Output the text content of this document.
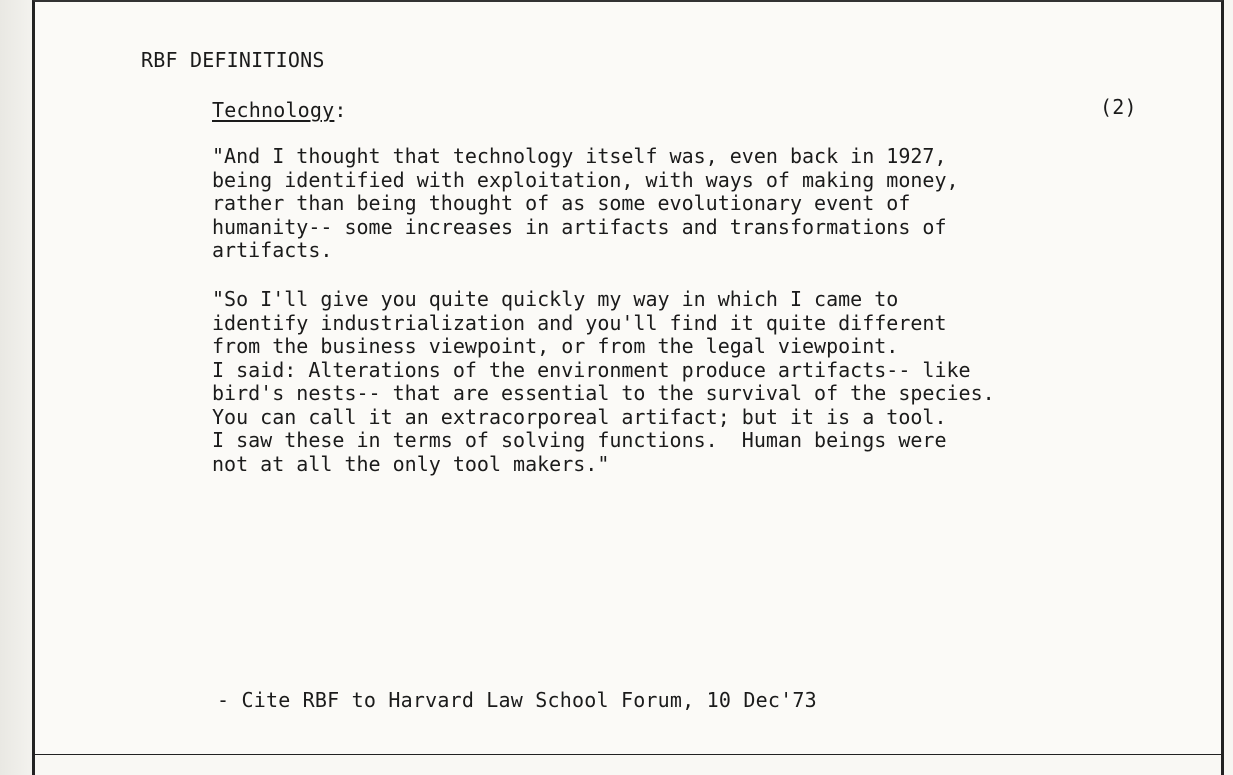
RBF DEFINITIONS
Technology:	(2)
"And I thought that technology itself was, even back in 1927,
being identified with exploitation, with ways of making money,
rather than being thought of as some evolutionary event of
humanity-- some increases in artifacts and transformations of
artifacts.
"So I'll give you quite quickly my way in which I came to
identify industrialization and you'll find it quite different
from the business viewpoint, or from the legal viewpoint.
I said: Alterations of the environment produce artifacts-- like
bird's nests-- that are essential to the survival of the species.
You can call it an extracorporeal artifact; but it is a tool.
I saw these in terms of solving functions.  Human beings were
not at all the only tool makers."
- Cite RBF to Harvard Law School Forum, 10 Dec'73
